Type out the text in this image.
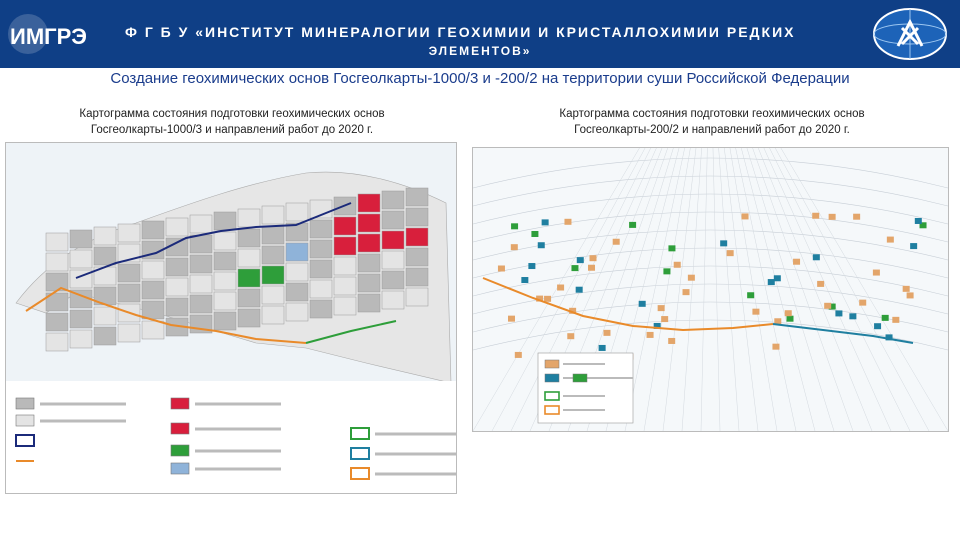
ИМГРЭ	Ф Г Б У «ИНСТИТУТ МИНЕРАЛОГИИ ГЕОХИМИИ И КРИСТАЛЛОХИМИИ РЕДКИХ
ЭЛЕМЕНТОВ»
Создание геохимических основ Госгеолкарты-1000/3 и -200/2 на территории суши Российской Федерации
Картограмма состояния подготовки геохимических основ
Госгеолкарты-1000/3 и направлений работ до 2020 г.
Картограмма состояния подготовки геохимических основ
Госгеолкарты-200/2 и направлений работ до 2020 г.
